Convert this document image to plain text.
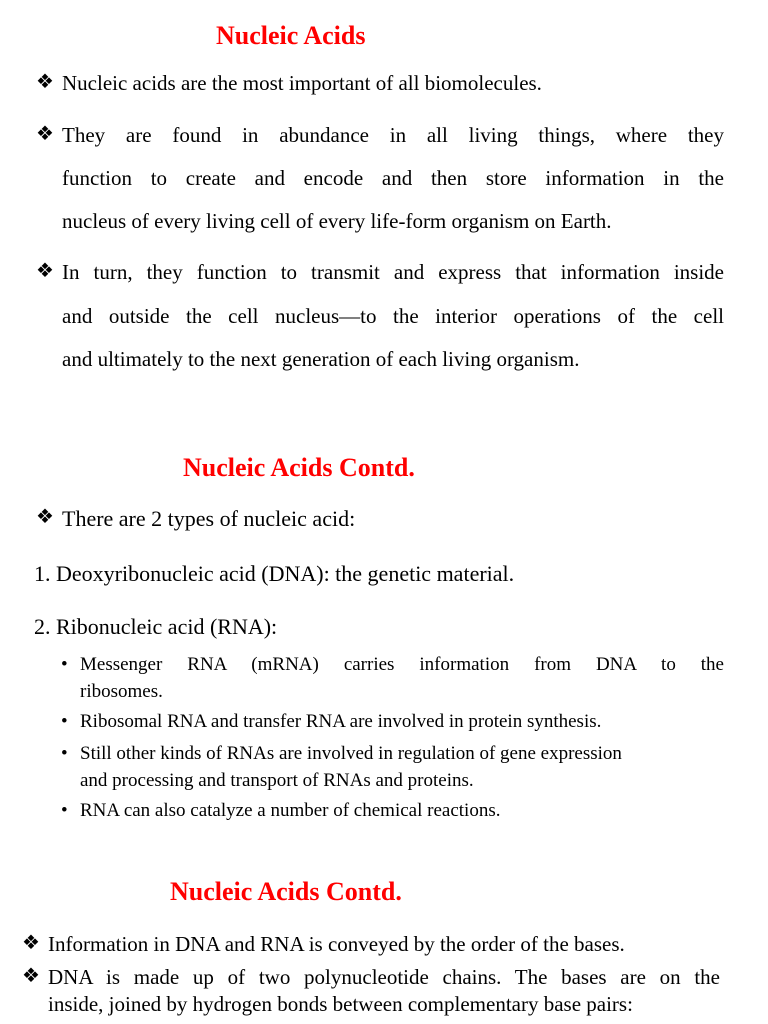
Nucleic Acids
❖ Nucleic acids are the most important of all biomolecules.
❖ They are found in abundance in all living things, where they
function to create and encode and then store information in the
nucleus of every living cell of every life-form organism on Earth.
❖ In turn, they function to transmit and express that information inside
and outside the cell nucleus—to the interior operations of the cell
and ultimately to the next generation of each living organism.
Nucleic Acids Contd.
❖ There are 2 types of nucleic acid:
1. Deoxyribonucleic acid (DNA): the genetic material.
2. Ribonucleic acid (RNA):
• Messenger RNA (mRNA) carries information from DNA to the
ribosomes.
• Ribosomal RNA and transfer RNA are involved in protein synthesis.
• Still other kinds of RNAs are involved in regulation of gene expression
and processing and transport of RNAs and proteins.
• RNA can also catalyze a number of chemical reactions.
Nucleic Acids Contd.
❖ Information in DNA and RNA is conveyed by the order of the bases.
❖ DNA is made up of two polynucleotide chains. The bases are on the
inside, joined by hydrogen bonds between complementary base pairs:
